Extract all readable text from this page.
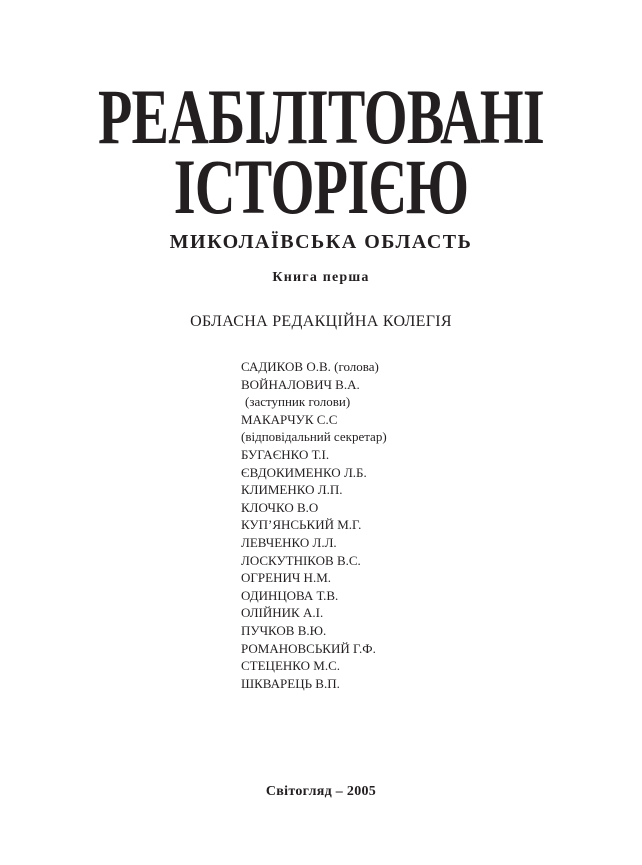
РЕАБІЛІТОВАНІ
ІСТОРІЄЮ
МИКОЛАЇВСЬКА ОБЛАСТЬ
Книга перша
ОБЛАСНА РЕДАКЦІЙНА КОЛЕГІЯ
САДИКОВ О.В. (голова)
ВОЙНАЛОВИЧ В.А.
(заступник голови)
МАКАРЧУК С.С
(відповідальний секретар)
БУГАЄНКО Т.І.
ЄВДОКИМЕНКО Л.Б.
КЛИМЕНКО Л.П.
КЛОЧКО В.О
КУП’ЯНСЬКИЙ М.Г.
ЛЕВЧЕНКО Л.Л.
ЛОСКУТНІКОВ В.С.
ОГРЕНИЧ Н.М.
ОДИНЦОВА Т.В.
ОЛІЙНИК А.І.
ПУЧКОВ В.Ю.
РОМАНОВСЬКИЙ Г.Ф.
СТЕЦЕНКО М.С.
ШКВАРЕЦЬ В.П.
Світогляд – 2005
